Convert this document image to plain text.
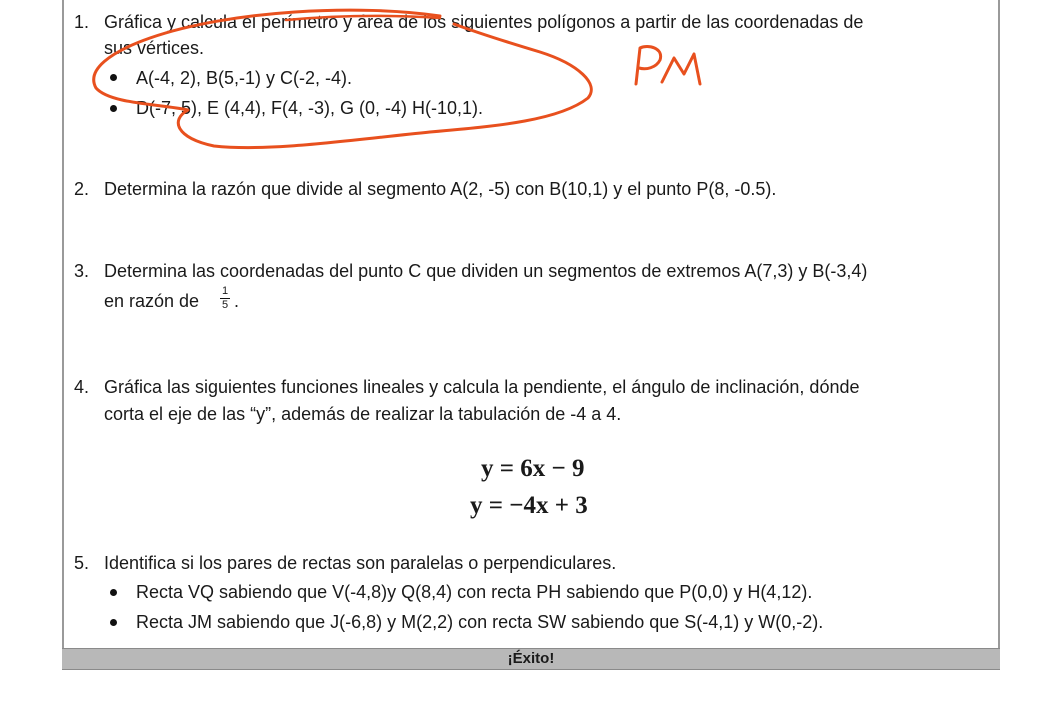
1. Gráfica y calcula el perímetro y área de los siguientes polígonos a partir de las coordenadas de
sus vértices.
A(-4, 2), B(5,-1) y C(-2, -4).
D(-7, 5), E (4,4), F(4, -3), G (0, -4) H(-10,1).
2. Determina la razón que divide al segmento A(2, -5) con B(10,1) y el punto P(8, -0.5).
3. Determina las coordenadas del punto C que dividen un segmentos de extremos A(7,3) y B(-3,4)
en razón de 1
5 .
4. Gráfica las siguientes funciones lineales y calcula la pendiente, el ángulo de inclinación, dónde
corta el eje de las “y”, además de realizar la tabulación de -4 a 4.
y = 6x − 9
y = −4x + 3
5. Identifica si los pares de rectas son paralelas o perpendiculares.
Recta VQ sabiendo que V(-4,8)y Q(8,4) con recta PH sabiendo que P(0,0) y H(4,12).
Recta JM sabiendo que J(-6,8) y M(2,2) con recta SW sabiendo que S(-4,1) y W(0,-2).
¡Éxito!
